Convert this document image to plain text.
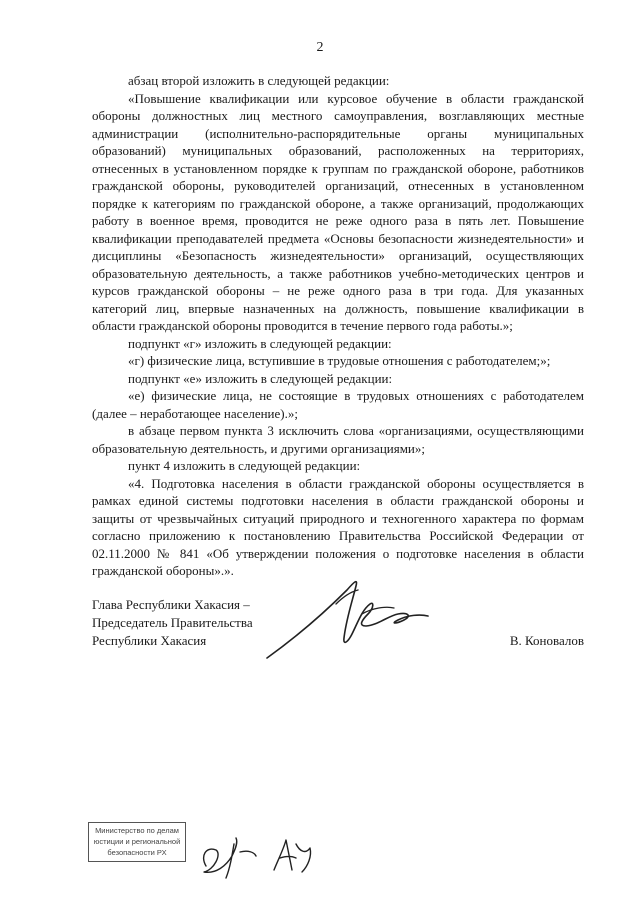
2

абзац второй изложить в следующей редакции:

«Повышение квалификации или курсовое обучение в области гражданской обороны должностных лиц местного самоуправления, возглавляющих местные администрации (исполнительно-распорядительные органы муниципальных образований) муниципальных образований, расположенных на территориях, отнесенных в установленном порядке к группам по гражданской обороне, работников гражданской обороны, руководителей организаций, отнесенных в установленном порядке к категориям по гражданской обороне, а также организаций, продолжающих работу в военное время, проводится не реже одного раза в пять лет. Повышение квалификации преподавателей предмета «Основы безопасности жизнедеятельности» и дисциплины «Безопасность жизнедеятельности» организаций, осуществляющих образовательную деятельность, а также работников учебно-методических центров и курсов гражданской обороны – не реже одного раза в три года. Для указанных категорий лиц, впервые назначенных на должность, повышение квалификации в области гражданской обороны проводится в течение первого года работы.»;

подпункт «г» изложить в следующей редакции:

«г) физические лица, вступившие в трудовые отношения с работодателем;»;

подпункт «е» изложить в следующей редакции:

«е) физические лица, не состоящие в трудовых отношениях с работодателем (далее – неработающее население).»;

в абзаце первом пункта 3 исключить слова «организациями, осуществляющими образовательную деятельность, и другими организациями»;

пункт 4 изложить в следующей редакции:

«4. Подготовка населения в области гражданской обороны осуществляется в рамках единой системы подготовки населения в области гражданской обороны и защиты от чрезвычайных ситуаций природного и техногенного характера по формам согласно приложению к постановлению Правительства Российской Федерации от 02.11.2000 № 841 «Об утверждении положения о подготовке населения в области гражданской обороны».».

Глава Республики Хакасия –
Председатель Правительства
Республики Хакасия	В. Коновалов
Министерство по делам
юстиции и региональной
безопасности РХ
